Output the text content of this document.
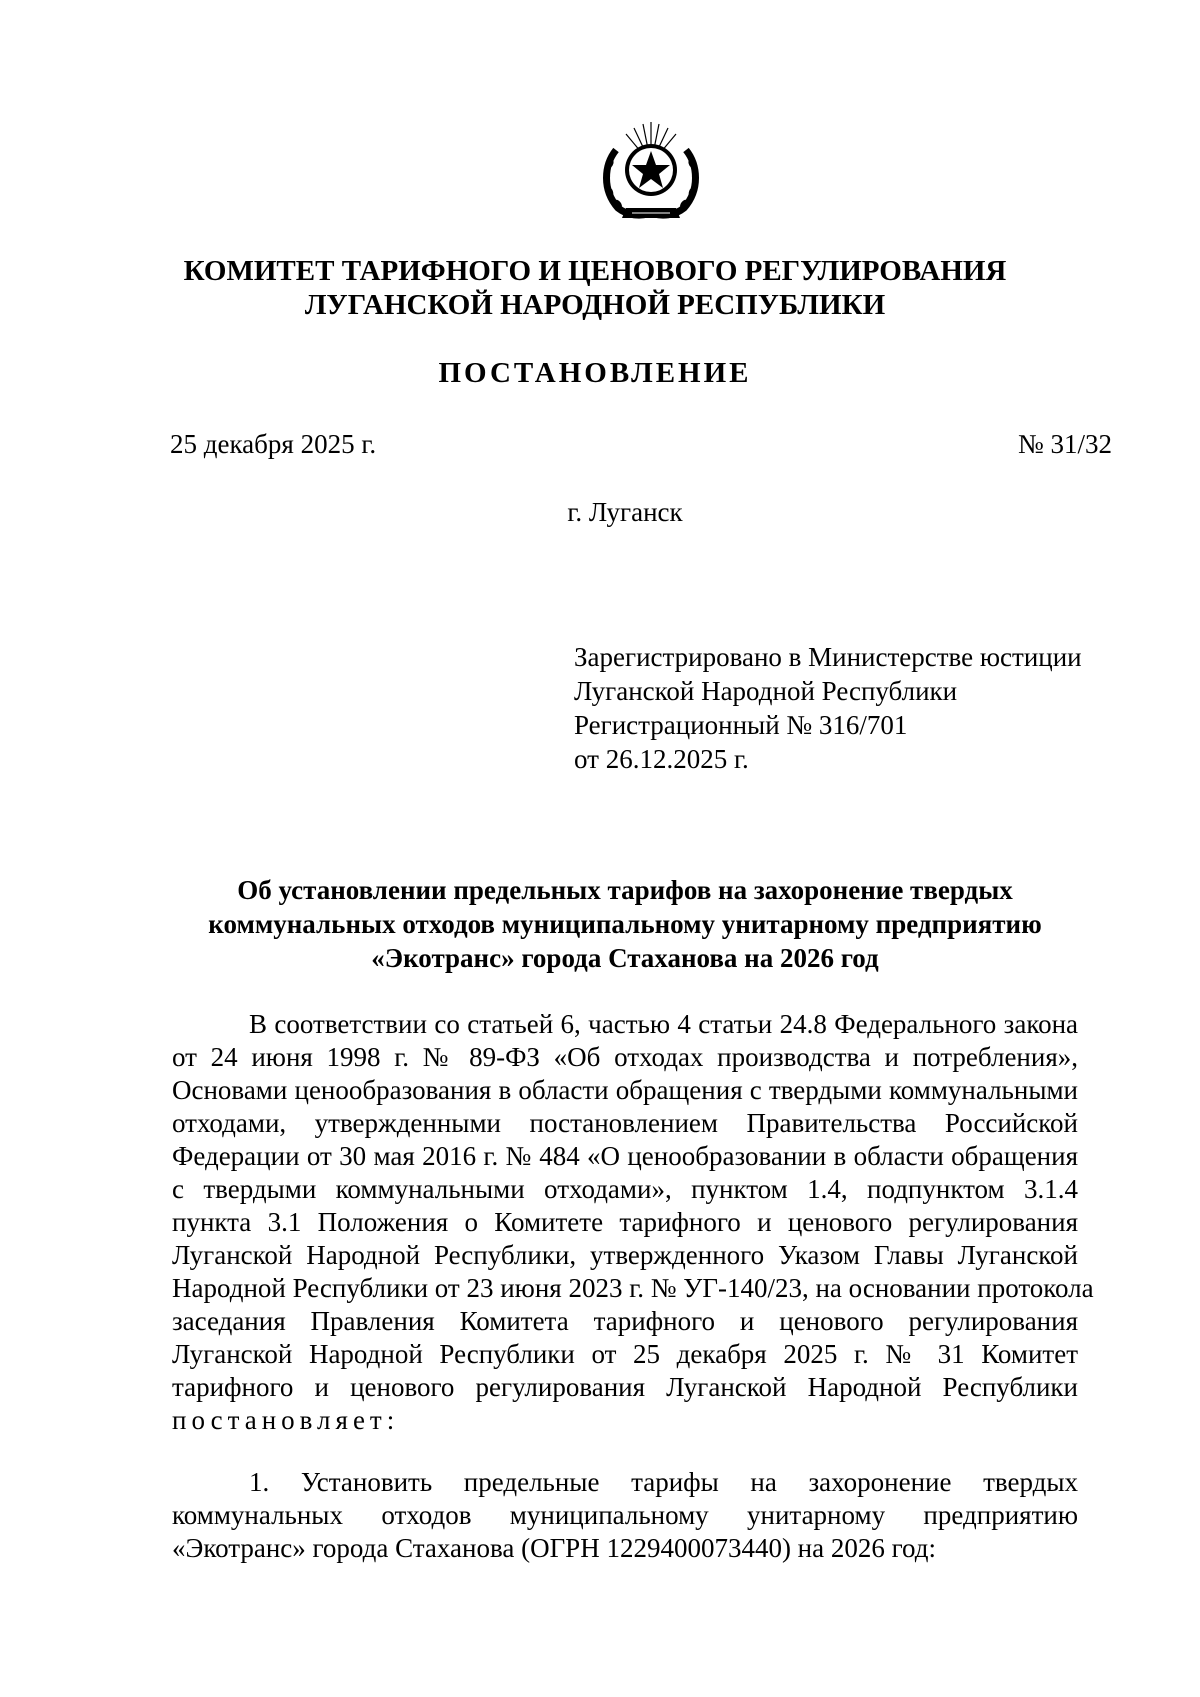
КОМИТЕТ ТАРИФНОГО И ЦЕНОВОГО РЕГУЛИРОВАНИЯ
ЛУГАНСКОЙ НАРОДНОЙ РЕСПУБЛИКИ
ПОСТАНОВЛЕНИЕ
25 декабря 2025 г.	№ 31/32
г. Луганск
Зарегистрировано в Министерстве юстиции
Луганской Народной Республики
Регистрационный № 316/701
от 26.12.2025 г.
Об установлении предельных тарифов на захоронение твердых
коммунальных отходов муниципальному унитарному предприятию
«Экотранс» города Стаханова на 2026 год
В соответствии со статьей 6, частью 4 статьи 24.8 Федерального закона
от 24 июня 1998 г. № 89-ФЗ «Об отходах производства и потребления»,
Основами ценообразования в области обращения с твердыми коммунальными
отходами, утвержденными постановлением Правительства Российской
Федерации от 30 мая 2016 г. № 484 «О ценообразовании в области обращения
с твердыми коммунальными отходами», пунктом 1.4, подпунктом 3.1.4
пункта 3.1 Положения о Комитете тарифного и ценового регулирования
Луганской Народной Республики, утвержденного Указом Главы Луганской
Народной Республики от 23 июня 2023 г. № УГ-140/23, на основании протокола
заседания Правления Комитета тарифного и ценового регулирования
Луганской Народной Республики от 25 декабря 2025 г. № 31 Комитет
тарифного и ценового регулирования Луганской Народной Республики
постановляет:
1. Установить предельные тарифы на захоронение твердых
коммунальных отходов муниципальному унитарному предприятию
«Экотранс» города Стаханова (ОГРН 1229400073440) на 2026 год:
